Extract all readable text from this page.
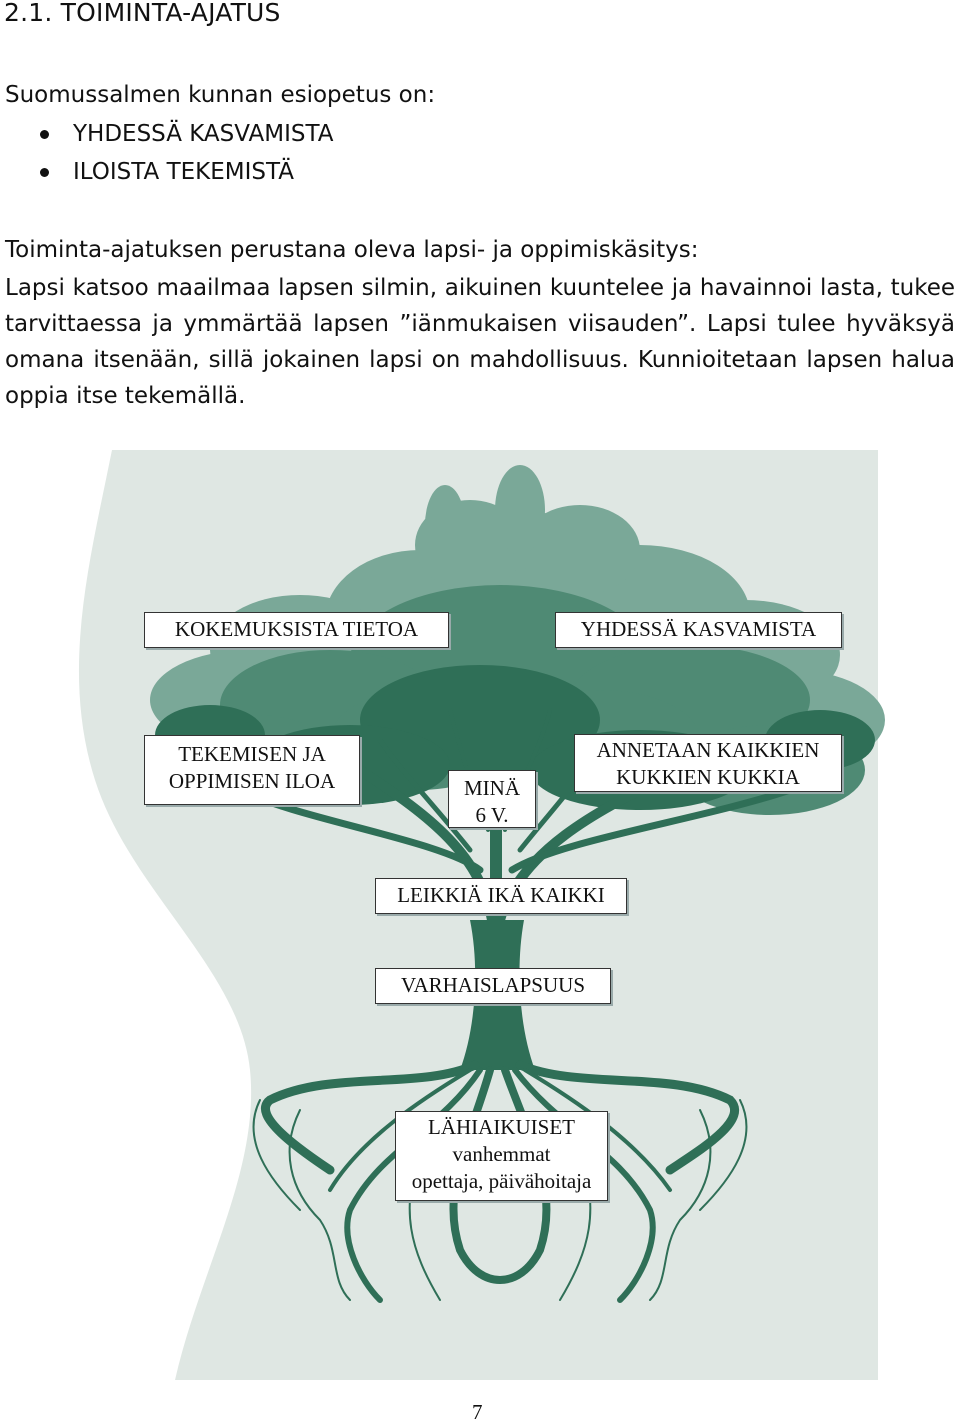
2.1. TOIMINTA-AJATUS
Suomussalmen kunnan esiopetus on:
YHDESSÄ KASVAMISTA
ILOISTA TEKEMISTÄ

Toiminta-ajatuksen perustana oleva lapsi- ja oppimiskäsitys:

Lapsi katsoo maailmaa lapsen silmin, aikuinen kuuntelee ja havainnoi lasta, tukee tarvittaessa ja ymmärtää lapsen ”iänmukaisen viisauden”. Lapsi tulee hyväksyä omana itsenään, sillä jokainen lapsi on mahdollisuus. Kunnioitetaan lapsen halua oppia itse tekemällä.

KOKEMUKSISTA TIETOA	YHDESSÄ KASVAMISTA
TEKEMISEN JA
OPPIMISEN ILOA	MINÄ
6 V.
ANNETAAN KAIKKIEN
KUKKIEN KUKKIA
LEIKKIÄ IKÄ KAIKKI
VARHAISLAPSUUS
LÄHIAIKUISET
vanhemmat
opettaja, päivähoitaja
7
